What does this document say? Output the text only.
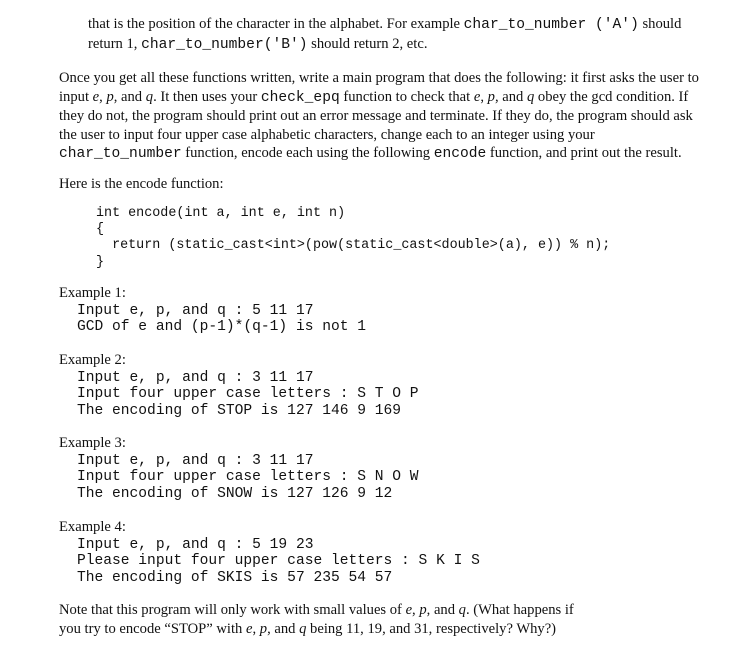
that is the position of the character in the alphabet. For example char_to_number ('A') should
return 1, char_to_number('B') should return 2, etc.
Once you get all these functions written, write a main program that does the following: it first asks the user to
input e, p, and q. It then uses your check_epq function to check that e, p, and q obey the gcd condition. If
they do not, the program should print out an error message and terminate. If they do, the program should ask
the user to input four upper case alphabetic characters, change each to an integer using your
char_to_number function, encode each using the following encode function, and print out the result.
Here is the encode function:
int encode(int a, int e, int n)
{
return (static_cast<int>(pow(static_cast<double>(a), e)) % n);
}
Example 1:
Input e, p, and q : 5 11 17
GCD of e and (p-1)*(q-1) is not 1
Example 2:
Input e, p, and q : 3 11 17
Input four upper case letters : S T O P
The encoding of STOP is 127 146 9 169
Example 3:
Input e, p, and q : 3 11 17
Input four upper case letters : S N O W
The encoding of SNOW is 127 126 9 12
Example 4:
Input e, p, and q : 5 19 23
Please input four upper case letters : S K I S
The encoding of SKIS is 57 235 54 57
Note that this program will only work with small values of e, p, and q. (What happens if
you try to encode “STOP” with e, p, and q being 11, 19, and 31, respectively? Why?)
